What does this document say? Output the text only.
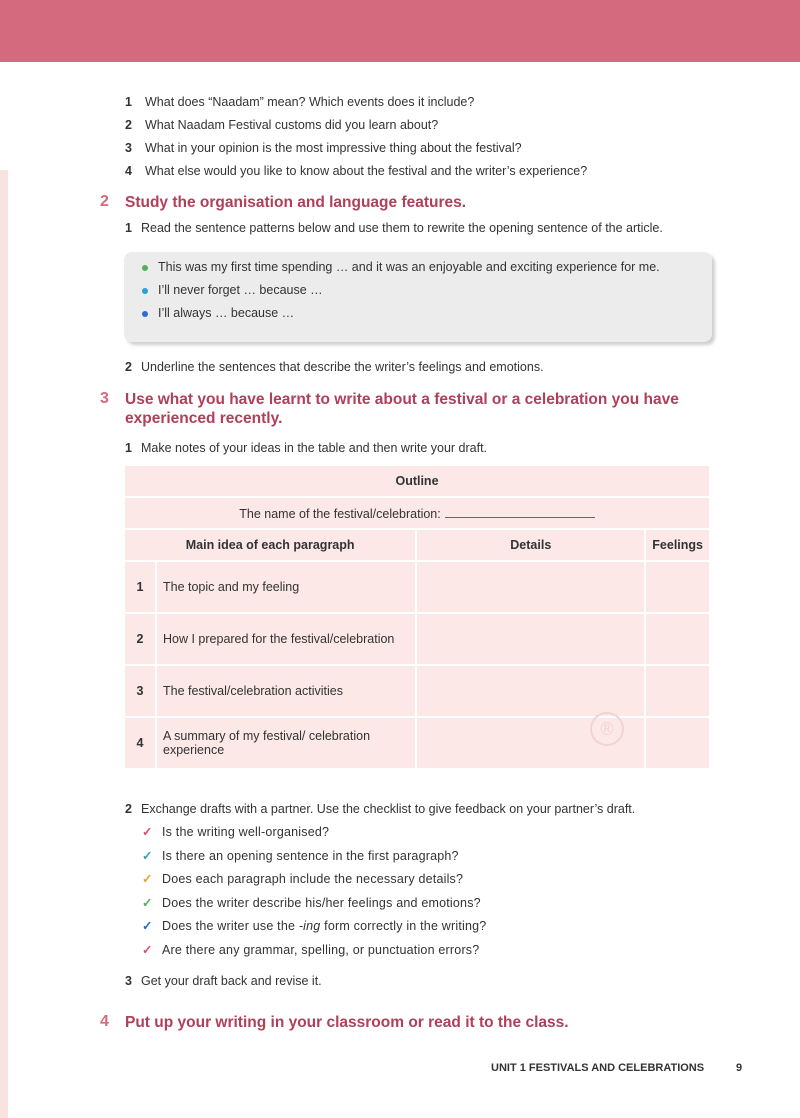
1 What does “Naadam” mean? Which events does it include?
2 What Naadam Festival customs did you learn about?
3 What in your opinion is the most impressive thing about the festival?
4 What else would you like to know about the festival and the writer’s experience?
2 Study the organisation and language features.
1 Read the sentence patterns below and use them to rewrite the opening sentence of the article.
This was my first time spending … and it was an enjoyable and exciting experience for me.
I’ll never forget … because …
I’ll always … because …
2 Underline the sentences that describe the writer’s feelings and emotions.
3 Use what you have learnt to write about a festival or a celebration you have
experienced recently.
1 Make notes of your ideas in the table and then write your draft.
Outline			
The name of the festival/celebration:			
Main idea of each paragraph		Details	Feelings
1	The topic and my feeling		
2	How I prepared for the festival/celebration		
3	The festival/celebration activities		
4	A summary of my festival/ celebration experience		
®
2 Exchange drafts with a partner. Use the checklist to give feedback on your partner’s draft.
✓ Is the writing well-organised?
✓ Is there an opening sentence in the first paragraph?
✓ Does each paragraph include the necessary details?
✓ Does the writer describe his/her feelings and emotions?
✓ Does the writer use the -ing form correctly in the writing?
✓ Are there any grammar, spelling, or punctuation errors?
3 Get your draft back and revise it.
4 Put up your writing in your classroom or read it to the class.
UNIT 1 FESTIVALS AND CELEBRATIONS	9
